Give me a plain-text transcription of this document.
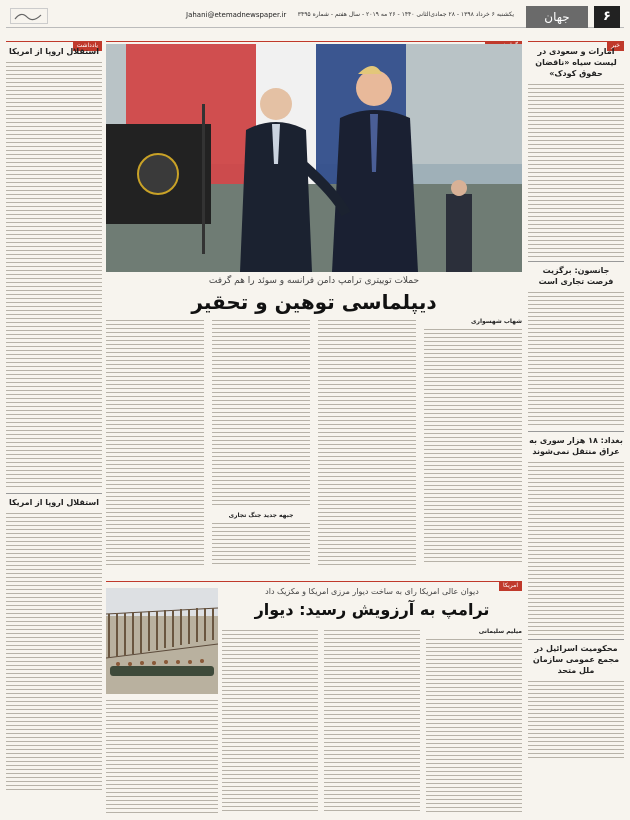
۶
جهان
یکشنبه ۶ خرداد ۱۳۹۸ - ۲۸ جمادی‌الثانی ۱۴۴۰ - ۲۶ مه ۲۰۱۹ - سال هفتم - شماره ۳۴۹۵
Jahani@etemadnewspaper.ir
خبر
امارات و سعودی در لیست سیاه «ناقضان حقوق کودک»
جانسون: برگزیت فرصت تجاری است
بغداد: ۱۸ هزار سوری به عراق منتقل نمی‌شوند
محکومیت اسرائیل در مجمع عمومی سازمان ملل متحد
یادداشت
استقلال اروپا از امریکا
استقلال اروپا از امریکا
حملات توییتری ترامپ دامن فرانسه و سوئد را هم گرفت
دیپلماسی توهین و تحقیر
شهاب شهسواری
جبهه جدید جنگ تجاری
امریکا
دیوان عالی امریکا رای به ساخت دیوار مرزی امریکا و مکزیک داد
ترامپ به آرزویش رسید: دیوار
میلیم سلیمانی
